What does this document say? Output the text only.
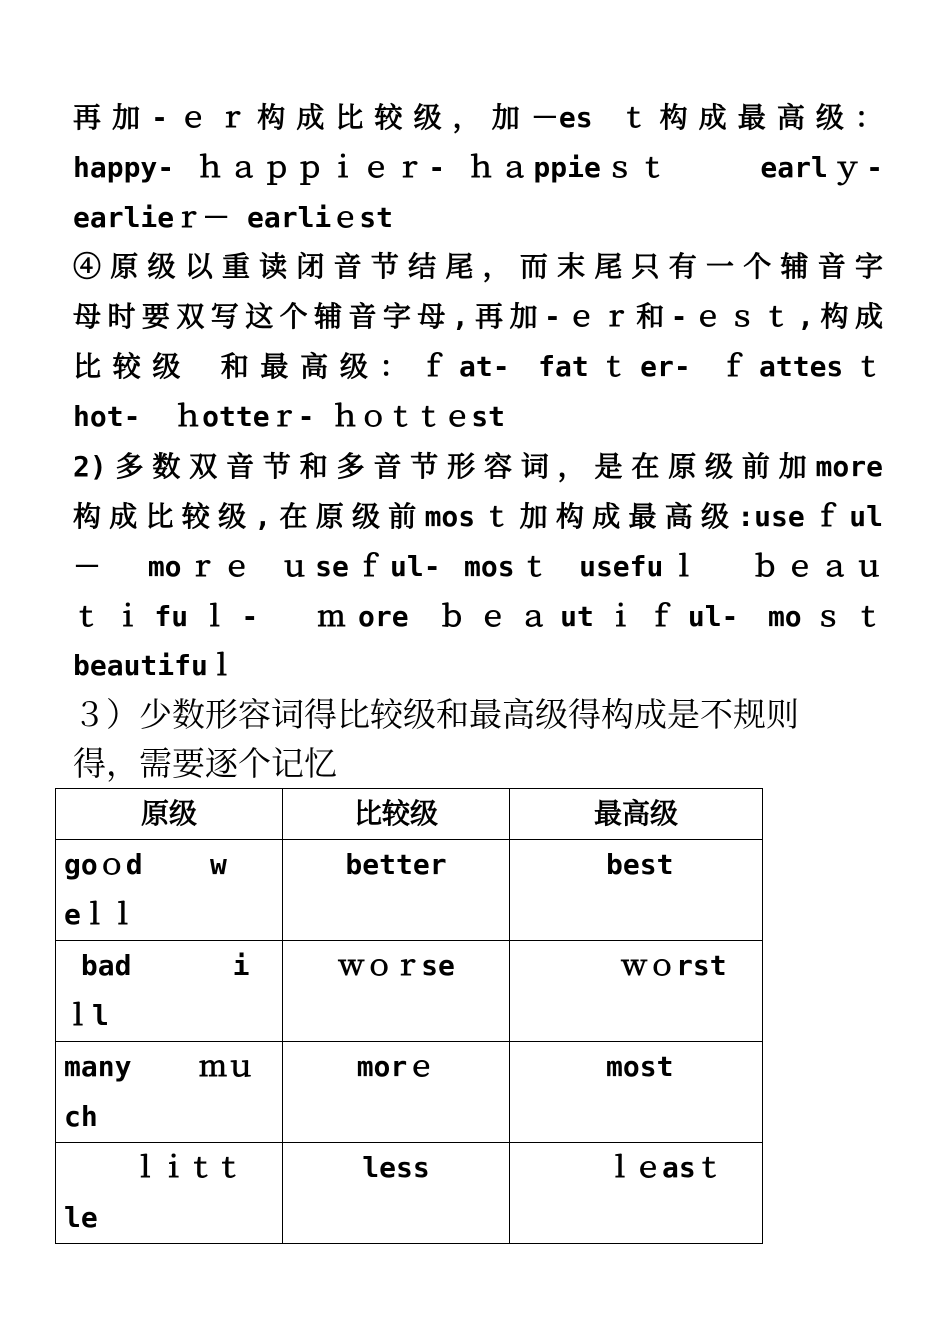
再加-ｅｒ构成比较级，加－es ｔ构成最高级：
happy- ｈａｐｐｉｅｒ- ｈａppieｓｔ    earlｙ-
earlieｒ－ earliｅst
④原级以重读闭音节结尾，而末尾只有一个辅音字
母时要双写这个辅音字母,再加-ｅｒ和-ｅｓｔ,构成
比较级 和最高级：ｆat- fatｔer- ｆattesｔ
hot-  ｈotteｒ- ｈｏｔｔｅst
2)多数双音节和多音节形容词，是在原级前加more
构成比较级,在原级前mosｔ加构成最高级:useｆul
－  moｒｅ ｕseｆul- mosｔ usefuｌ  ｂｅａｕ
ｔｉfuｌ-  ｍore ｂｅａutｉｆul- moｓｔ
beautifuｌ
３）少数形容词得比较级和最高级得构成是不规则
得，需要逐个记忆
原级	比较级	最高级

goｏd    w
eｌｌ	better	best

bad      i
ｌl	ｗｏｒse	ｗｏrst

many    ｍｕ
ch	morｅ	most

ｌｉｔｔ
le	less	ｌｅasｔ
